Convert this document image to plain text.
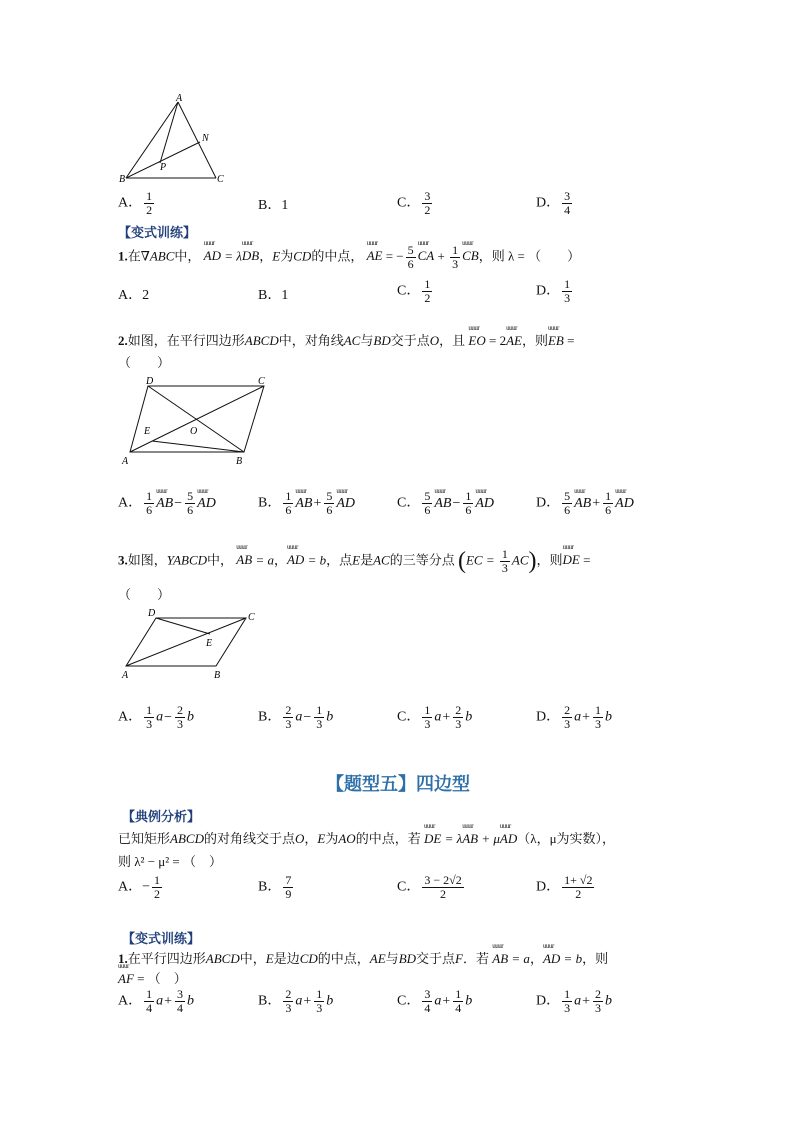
A
B	C
N
P
A． $\frac{1}{2}$	B．1	C． $\frac{3}{2}$	D． $\frac{3}{4}$
【变式训练】
1.在∇ABC中， uuur AD = λuuur DB，E为CD的中点， uuur AE = − $\frac{5}{6}$ uuur CA + $\frac{1}{3}$ uuur CB，则 λ = （　　）
A．2	B．1	C． $\frac{1}{2}$	D． $\frac{1}{3}$
2.如图，在平行四边形ABCD中，对角线AC与BD交于点O，且 uuur EO = 2uuur AE，则uuur EB =
（　　）
D	C
A	B
E	O
A． $\frac{1}{6}$ uuur $AB- \frac{5}{6}$ uuur AD	B． $\frac{1}{6}$ uuur $AB+ \frac{5}{6}$ uuur AD	C． $\frac{5}{6}$ uuur $AB- \frac{1}{6}$ uuur AD	D． $\frac{5}{6}$ uuur $AB+ \frac{1}{6}$ uuur AD
3.如图，YABCD中， uuur AB = a，uuur AD = b，点E是AC的三等分点 $(EC = \frac{1}{3} AC)$，则uuur DE =
（　　）
D	C
A	B
E
A． $\frac{1}{3} a- \frac{2}{3}$ b	B． $\frac{2}{3} a- \frac{1}{3}$ b	C． $\frac{1}{3} a+ \frac{2}{3}$ b	D． $\frac{2}{3} a+ \frac{1}{3}$ b
【题型五】四边型
【典例分析】
已知矩形ABCD的对角线交于点O，E为AO的中点，若 uuur DE = λuuur AB + μuuur AD（λ，μ为实数），
则 λ² − μ² = （　）
A．− $\frac{1}{2}$	B． $\frac{7}{9}$	C． $\frac{3 - 2√2}{2}$	D． $\frac{1+ √2}{2}$
【变式训练】
1.在平行四边形ABCD中，E是边CD的中点，AE与BD交于点F．若 uuur AB = a，uuur AD = b，则
uuur AF = （　）
A． $\frac{1}{4} a+ \frac{3}{4}$ b	B． $\frac{2}{3} a+ \frac{1}{3}$ b	C． $\frac{3}{4} a+ \frac{1}{4}$ b	D． $\frac{1}{3} a+ \frac{2}{3}$ b
